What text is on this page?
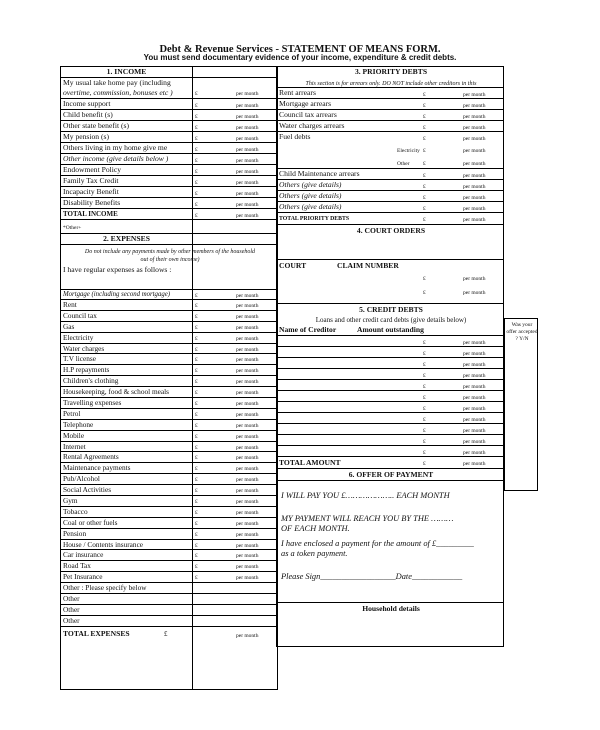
Debt & Revenue Services - STATEMENT OF MEANS FORM.
You must send documentary evidence of your income, expenditure & credit debts.
1. INCOME
My usual take home pay (including
overtime, commission, bonuses etc )	£	per month
Income support	£	per month
Child benefit (s)	£	per month
Other state benefit (s)	£	per month
My pension (s)	£	per month
Others living in my home give me	£	per month
Other income (give details below )	£	per month
Endowment Policy	£	per month
Family Tax Credit	£	per month
Incapacity Benefit	£	per month
Disability Benefits	£	per month
TOTAL INCOME	£	per month
*Other+
2. EXPENSES
Do not include any payments made by other members of the household
out of their own income)
I have regular expenses as follows :
Mortgage (including second mortgage)	£	per month
Rent	£	per month
Council tax	£	per month
Gas	£	per month
Electricity	£	per month
Water charges	£	per month
T.V license	£	per month
H.P repayments	£	per month
Children's clothing	£	per month
Housekeeping, food & school meals	£	per month
Travelling expenses	£	per month
Petrol	£	per month
Telephone	£	per month
Mobile	£	per month
Internet	£	per month
Rental Agreements	£	per month
Maintenance payments	£	per month
Pub/Alcohol	£	per month
Social Activities	£	per month
Gym	£	per month
Tobacco	£	per month
Coal or other fuels	£	per month
Pension	£	per month
House / Contents insurance	£	per month
Car insurance	£	per month
Road Tax	£	per month
Pet Insurance	£	per month
Other : Please specify below
Other
Other
Other
TOTAL EXPENSES	£	per month
3. PRIORITY DEBTS
This section is for arrears only. DO NOT include other creditors in this
Rent arrears	£	per month
Mortgage arrears	£	per month
Council tax arrears	£	per month
Water charges arrears	£	per month
Fuel debts	£	per month
Electricity £	per month
Other £	per month
Child Maintenance arrears	£	per month
Others (give details)	£	per month
Others (give details)	£	per month
Others (give details)	£	per month
TOTAL PRIORITY DEBTS	£	per month
4. COURT ORDERS
COURT	CLAIM NUMBER
£	per month
£	per month
5. CREDIT DEBTS
Loans and other credit card debts (give details below)
Name of Creditor	Amount outstanding
£	per month
£	per month
£	per month
£	per month
£	per month
£	per month
£	per month
£	per month
£	per month
£	per month
£	per month
TOTAL AMOUNT	£	per month
6. OFFER OF PAYMENT
I WILL PAY YOU £……………….. EACH MONTH
MY PAYMENT WILL REACH YOU BY THE ………
OF EACH MONTH.
I have enclosed a payment for the amount of £_________
as a token payment.
Please Sign__________________Date____________
Household details
Was your offer accepted ? Y/N
